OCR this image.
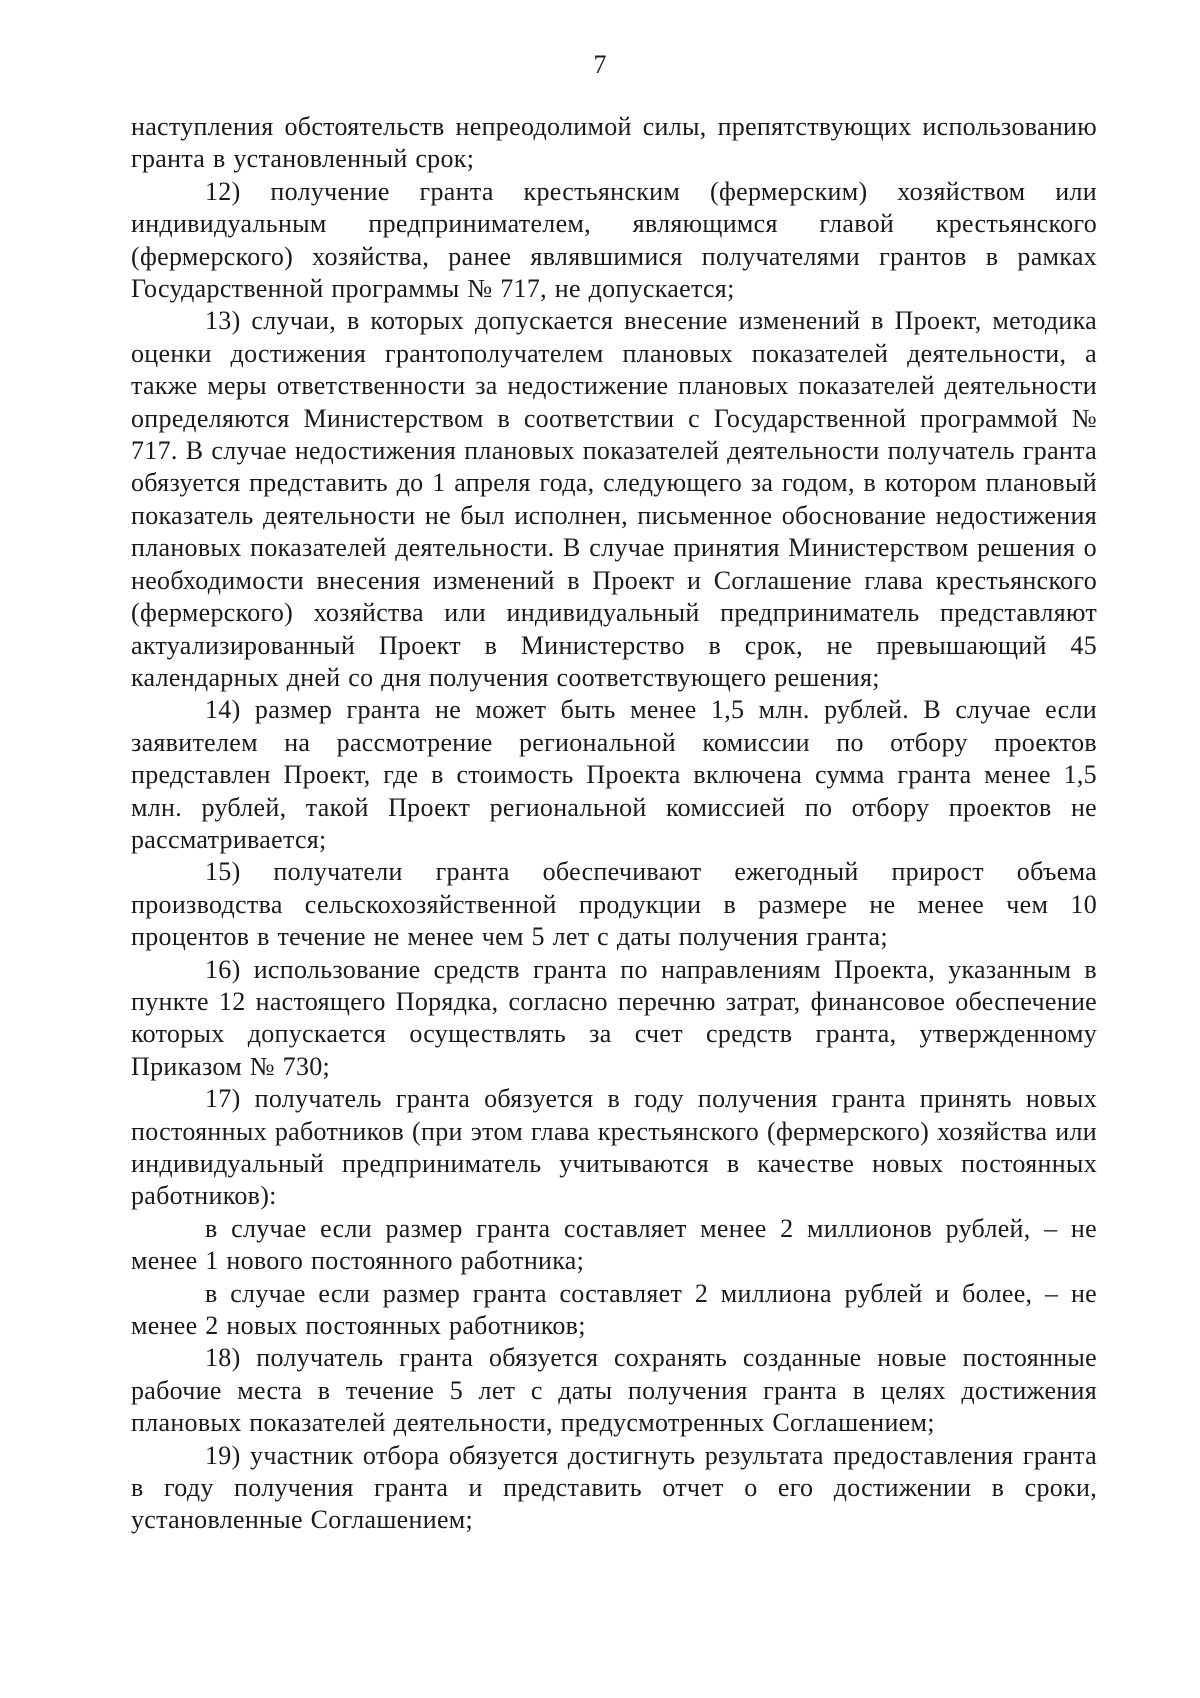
7

наступления обстоятельств непреодолимой силы, препятствующих использованию гранта в установленный срок;

12) получение гранта крестьянским (фермерским) хозяйством или индивидуальным предпринимателем, являющимся главой крестьянского (фермерского) хозяйства, ранее являвшимися получателями грантов в рамках Государственной программы № 717, не допускается;

13) случаи, в которых допускается внесение изменений в Проект, методика оценки достижения грантополучателем плановых показателей деятельности, а также меры ответственности за недостижение плановых показателей деятельности определяются Министерством в соответствии с Государственной программой № 717. В случае недостижения плановых показателей деятельности получатель гранта обязуется представить до 1 апреля года, следующего за годом, в котором плановый показатель деятельности не был исполнен, письменное обоснование недостижения плановых показателей деятельности. В случае принятия Министерством решения о необходимости внесения изменений в Проект и Соглашение глава крестьянского (фермерского) хозяйства или индивидуальный предприниматель представляют актуализированный Проект в Министерство в срок, не превышающий 45 календарных дней со дня получения соответствующего решения;

14) размер гранта не может быть менее 1,5 млн. рублей. В случае если заявителем на рассмотрение региональной комиссии по отбору проектов представлен Проект, где в стоимость Проекта включена сумма гранта менее 1,5 млн. рублей, такой Проект региональной комиссией по отбору проектов не рассматривается;

15) получатели гранта обеспечивают ежегодный прирост объема производства сельскохозяйственной продукции в размере не менее чем 10 процентов в течение не менее чем 5 лет с даты получения гранта;

16) использование средств гранта по направлениям Проекта, указанным в пункте 12 настоящего Порядка, согласно перечню затрат, финансовое обеспечение которых допускается осуществлять за счет средств гранта, утвержденному Приказом № 730;

17) получатель гранта обязуется в году получения гранта принять новых постоянных работников (при этом глава крестьянского (фермерского) хозяйства или индивидуальный предприниматель учитываются в качестве новых постоянных работников):

в случае если размер гранта составляет менее 2 миллионов рублей, – не менее 1 нового постоянного работника;

в случае если размер гранта составляет 2 миллиона рублей и более, – не менее 2 новых постоянных работников;

18) получатель гранта обязуется сохранять созданные новые постоянные рабочие места в течение 5 лет с даты получения гранта в целях достижения плановых показателей деятельности, предусмотренных Соглашением;

19) участник отбора обязуется достигнуть результата предоставления гранта в году получения гранта и представить отчет о его достижении в сроки, установленные Соглашением;
